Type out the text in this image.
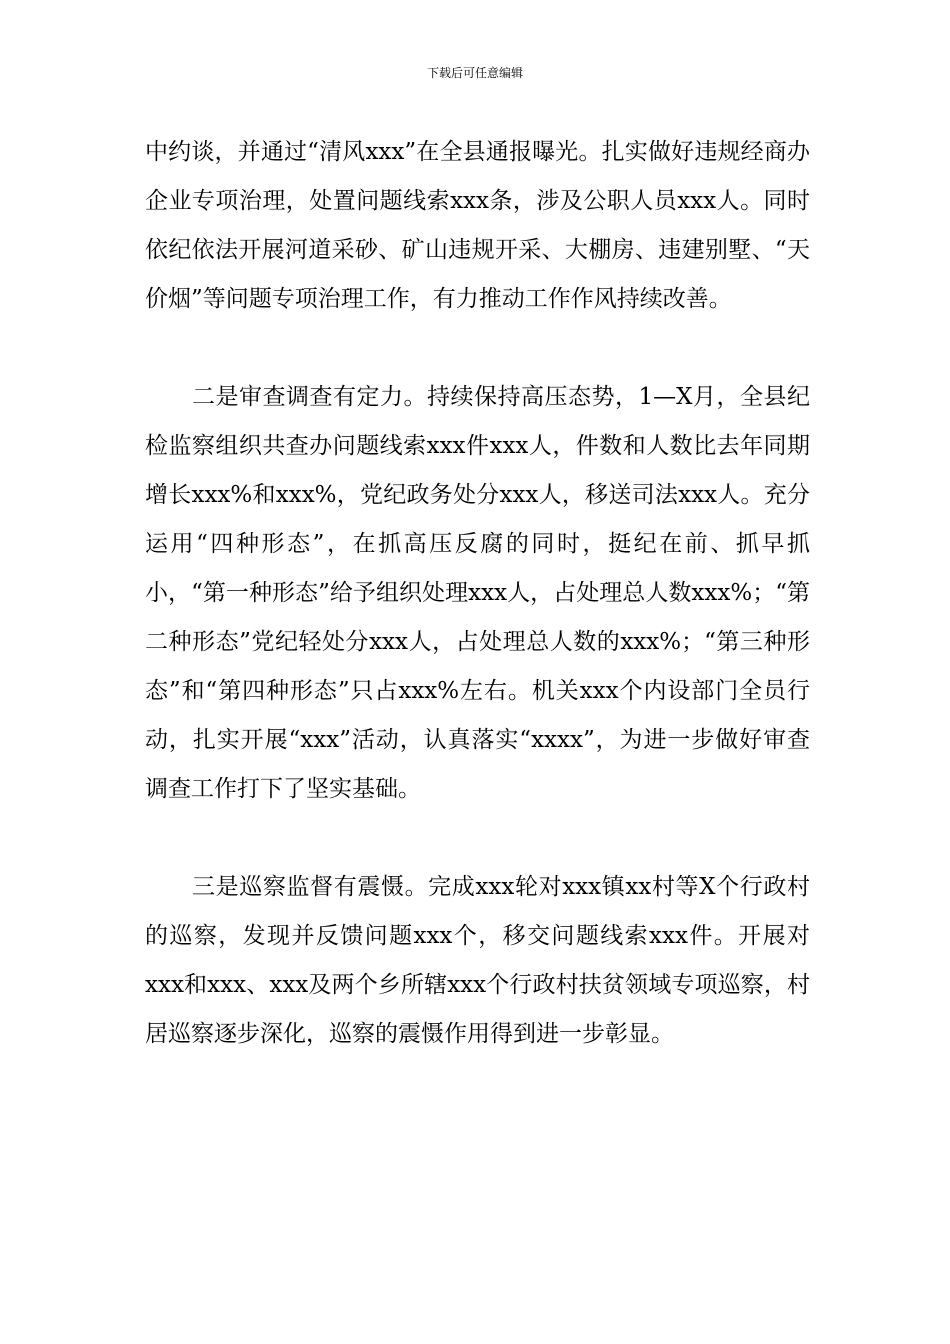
下载后可任意编辑

中约谈，并通过“清风xxx”在全县通报曝光。扎实做好违规经商办企业专项治理，处置问题线索xxx条，涉及公职人员xxx人。同时依纪依法开展河道采砂、矿山违规开采、大棚房、违建别墅、“天价烟”等问题专项治理工作，有力推动工作作风持续改善。

二是审查调查有定力。持续保持高压态势，1—X月，全县纪检监察组织共查办问题线索xxx件xxx人，件数和人数比去年同期增长xxx%和xxx%，党纪政务处分xxx人，移送司法xxx人。充分运用“四种形态”，在抓高压反腐的同时，挺纪在前、抓早抓小，“第一种形态”给予组织处理xxx人，占处理总人数xxx%；“第二种形态”党纪轻处分xxx人，占处理总人数的xxx%；“第三种形态”和“第四种形态”只占xxx%左右。机关xxx个内设部门全员行动，扎实开展“xxx”活动，认真落实“xxxx”，为进一步做好审查调查工作打下了坚实基础。

三是巡察监督有震慑。完成xxx轮对xxx镇xx村等X个行政村的巡察，发现并反馈问题xxx个，移交问题线索xxx件。开展对xxx和xxx、xxx及两个乡所辖xxx个行政村扶贫领域专项巡察，村居巡察逐步深化，巡察的震慑作用得到进一步彰显。
